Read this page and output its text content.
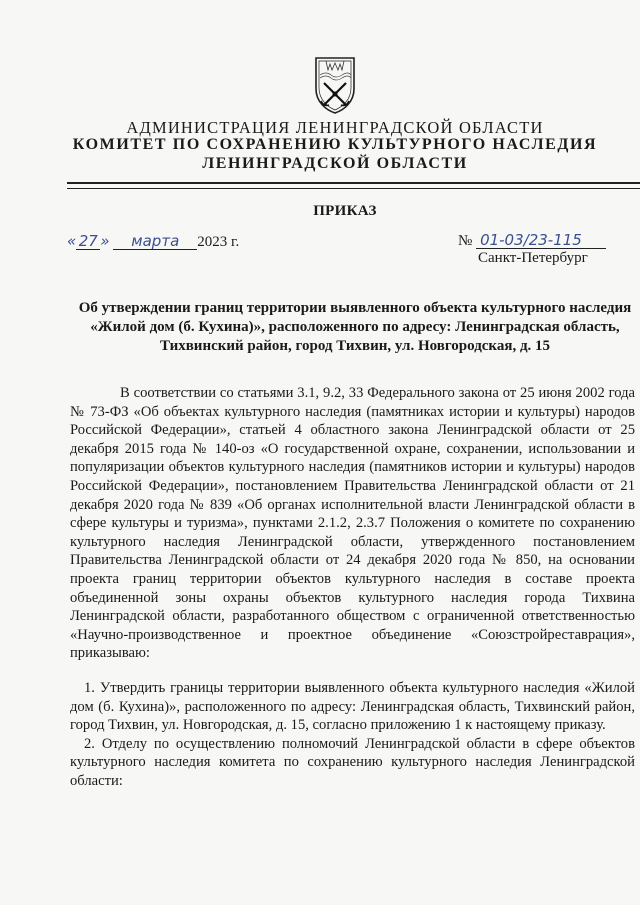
АДМИНИСТРАЦИЯ ЛЕНИНГРАДСКОЙ ОБЛАСТИ
КОМИТЕТ ПО СОХРАНЕНИЮ КУЛЬТУРНОГО НАСЛЕДИЯ
ЛЕНИНГРАДСКОЙ ОБЛАСТИ
ПРИКАЗ
« 27 » марта 2023 г.	№ 01-03/23-115
Санкт-Петербург
Об утверждении границ территории выявленного объекта культурного наследия «Жилой дом (б. Кухина)», расположенного по адресу: Ленинградская область, Тихвинский район, город Тихвин, ул. Новгородская, д. 15

В соответствии со статьями 3.1, 9.2, 33 Федерального закона от 25 июня 2002 года № 73-ФЗ «Об объектах культурного наследия (памятниках истории и культуры) народов Российской Федерации», статьей 4 областного закона Ленинградской области от 25 декабря 2015 года № 140-оз «О государственной охране, сохранении, использовании и популяризации объектов культурного наследия (памятников истории и культуры) народов Российской Федерации», постановлением Правительства Ленинградской области от 21 декабря 2020 года № 839 «Об органах исполнительной власти Ленинградской области в сфере культуры и туризма», пунктами 2.1.2, 2.3.7 Положения о комитете по сохранению культурного наследия Ленинградской области, утвержденного постановлением Правительства Ленинградской области от 24 декабря 2020 года № 850, на основании проекта границ территории объектов культурного наследия в составе проекта объединенной зоны охраны объектов культурного наследия города Тихвина Ленинградской области, разработанного обществом с ограниченной ответственностью «Научно-производственное и проектное объединение «Союзстройреставрация», приказываю:

1. Утвердить границы территории выявленного объекта культурного наследия «Жилой дом (б. Кухина)», расположенного по адресу: Ленинградская область, Тихвинский район, город Тихвин, ул. Новгородская, д. 15, согласно приложению 1 к настоящему приказу.

2. Отделу по осуществлению полномочий Ленинградской области в сфере объектов культурного наследия комитета по сохранению культурного наследия Ленинградской области:
